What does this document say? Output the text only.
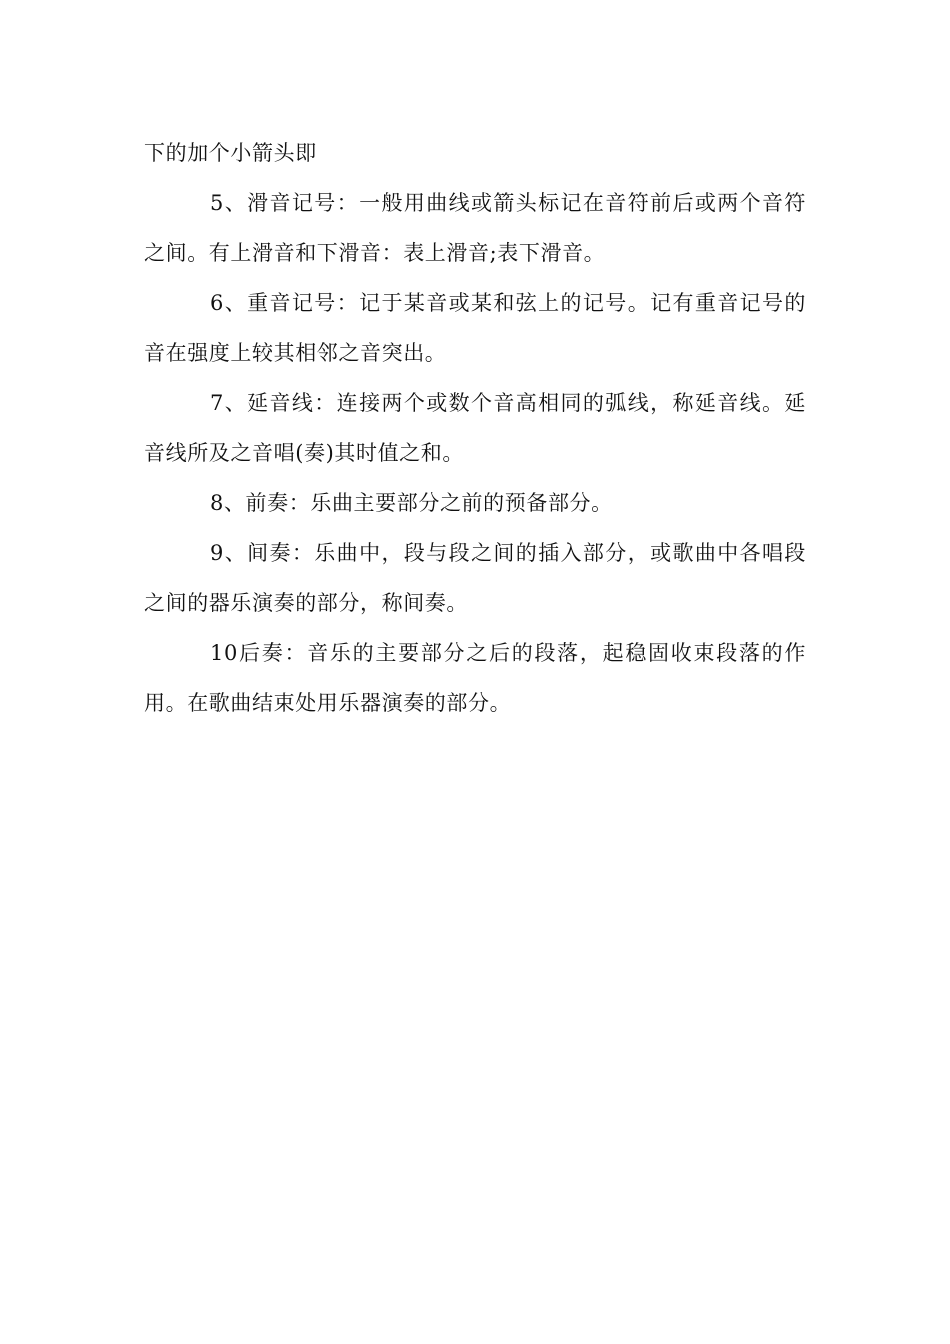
下的加个小箭头即

5、滑音记号：一般用曲线或箭头标记在音符前后或两个音符之间。有上滑音和下滑音：表上滑音;表下滑音。

6、重音记号：记于某音或某和弦上的记号。记有重音记号的音在强度上较其相邻之音突出。

7、延音线：连接两个或数个音高相同的弧线，称延音线。延音线所及之音唱(奏)其时值之和。

8、前奏：乐曲主要部分之前的预备部分。

9、间奏：乐曲中，段与段之间的插入部分，或歌曲中各唱段之间的器乐演奏的部分，称间奏。

10后奏：音乐的主要部分之后的段落，起稳固收束段落的作用。在歌曲结束处用乐器演奏的部分。
